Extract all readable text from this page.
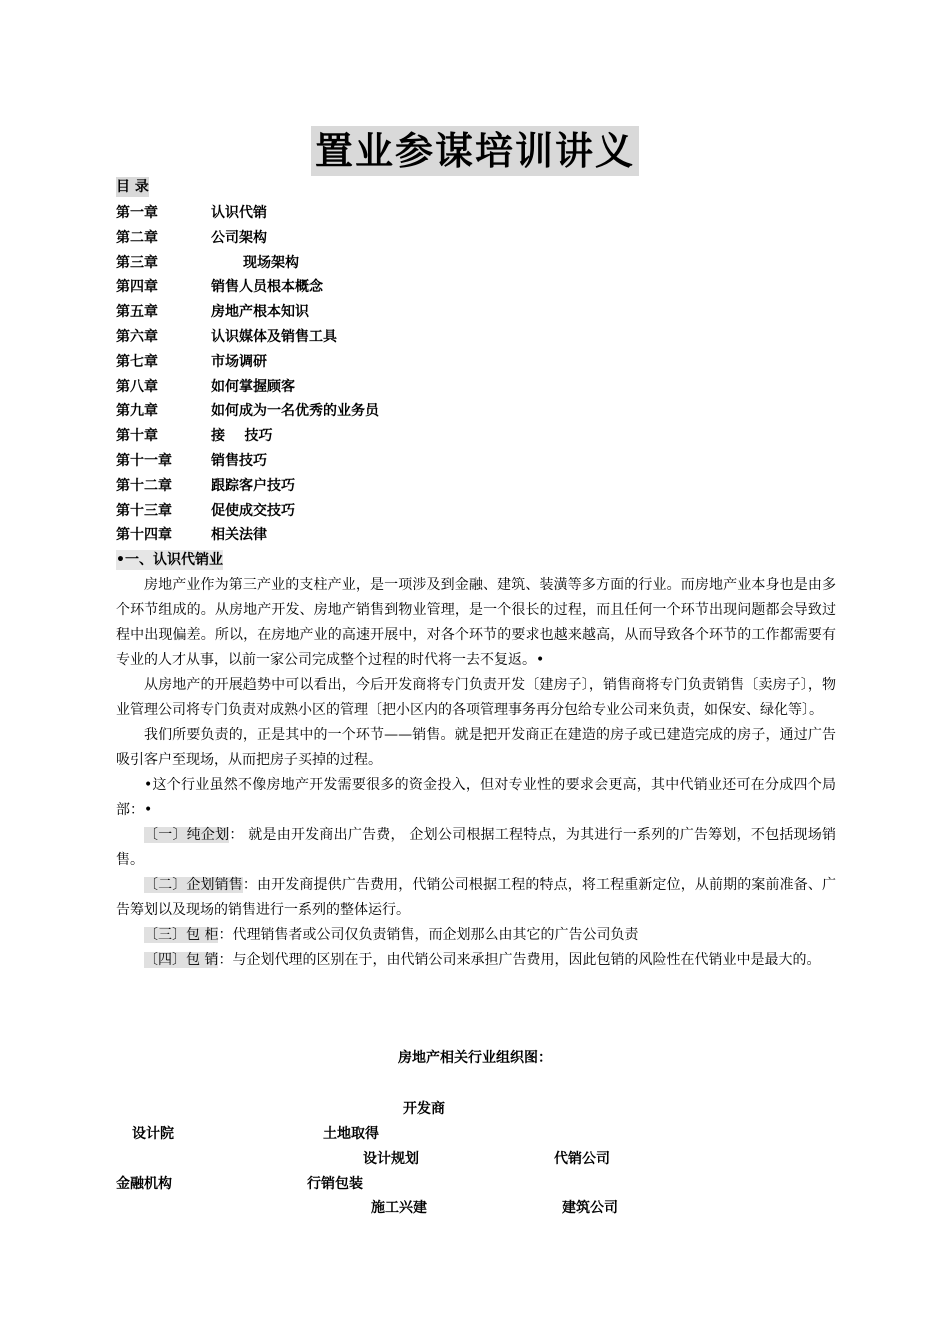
置业参谋培训讲义
目 录
第一章	认识代销
第二章	公司架构
第三章	现场架构
第四章	销售人员根本概念
第五章	房地产根本知识
第六章	认识媒体及销售工具
第七章	市场调研
第八章	如何掌握顾客
第九章	如何成为一名优秀的业务员
第十章	接    技巧
第十一章	销售技巧
第十二章	跟踪客户技巧
第十三章	促使成交技巧
第十四章	相关法律
•一、认识代销业

房地产业作为第三产业的支柱产业，是一项涉及到金融、建筑、装潢等多方面的行业。而房地产业本身也是由多个环节组成的。从房地产开发、房地产销售到物业管理，是一个很长的过程，而且任何一个环节出现问题都会导致过程中出现偏差。所以，在房地产业的高速开展中，对各个环节的要求也越来越高，从而导致各个环节的工作都需要有专业的人才从事，以前一家公司完成整个过程的时代将一去不复返。•

从房地产的开展趋势中可以看出，今后开发商将专门负责开发〔建房子〕，销售商将专门负责销售〔卖房子〕，物业管理公司将专门负责对成熟小区的管理〔把小区内的各项管理事务再分包给专业公司来负责，如保安、绿化等〕。

我们所要负责的，正是其中的一个环节——销售。就是把开发商正在建造的房子或已建造完成的房子，通过广告吸引客户至现场，从而把房子买掉的过程。

•这个行业虽然不像房地产开发需要很多的资金投入，但对专业性的要求会更高，其中代销业还可在分成四个局部：•

〔一〕纯企划： 就是由开发商出广告费， 企划公司根据工程特点，为其进行一系列的广告筹划，不包括现场销售。

〔二〕企划销售：由开发商提供广告费用，代销公司根据工程的特点，将工程重新定位，从前期的案前准备、广告筹划以及现场的销售进行一系列的整体运行。

〔三〕包 柜：代理销售者或公司仅负责销售，而企划那么由其它的广告公司负责

〔四〕包 销：与企划代理的区别在于，由代销公司来承担广告费用，因此包销的风险性在代销业中是最大的。

房地产相关行业组织图：
开发商
设计院	土地取得
设计规划	代销公司
金融机构	行销包装
施工兴建	建筑公司
